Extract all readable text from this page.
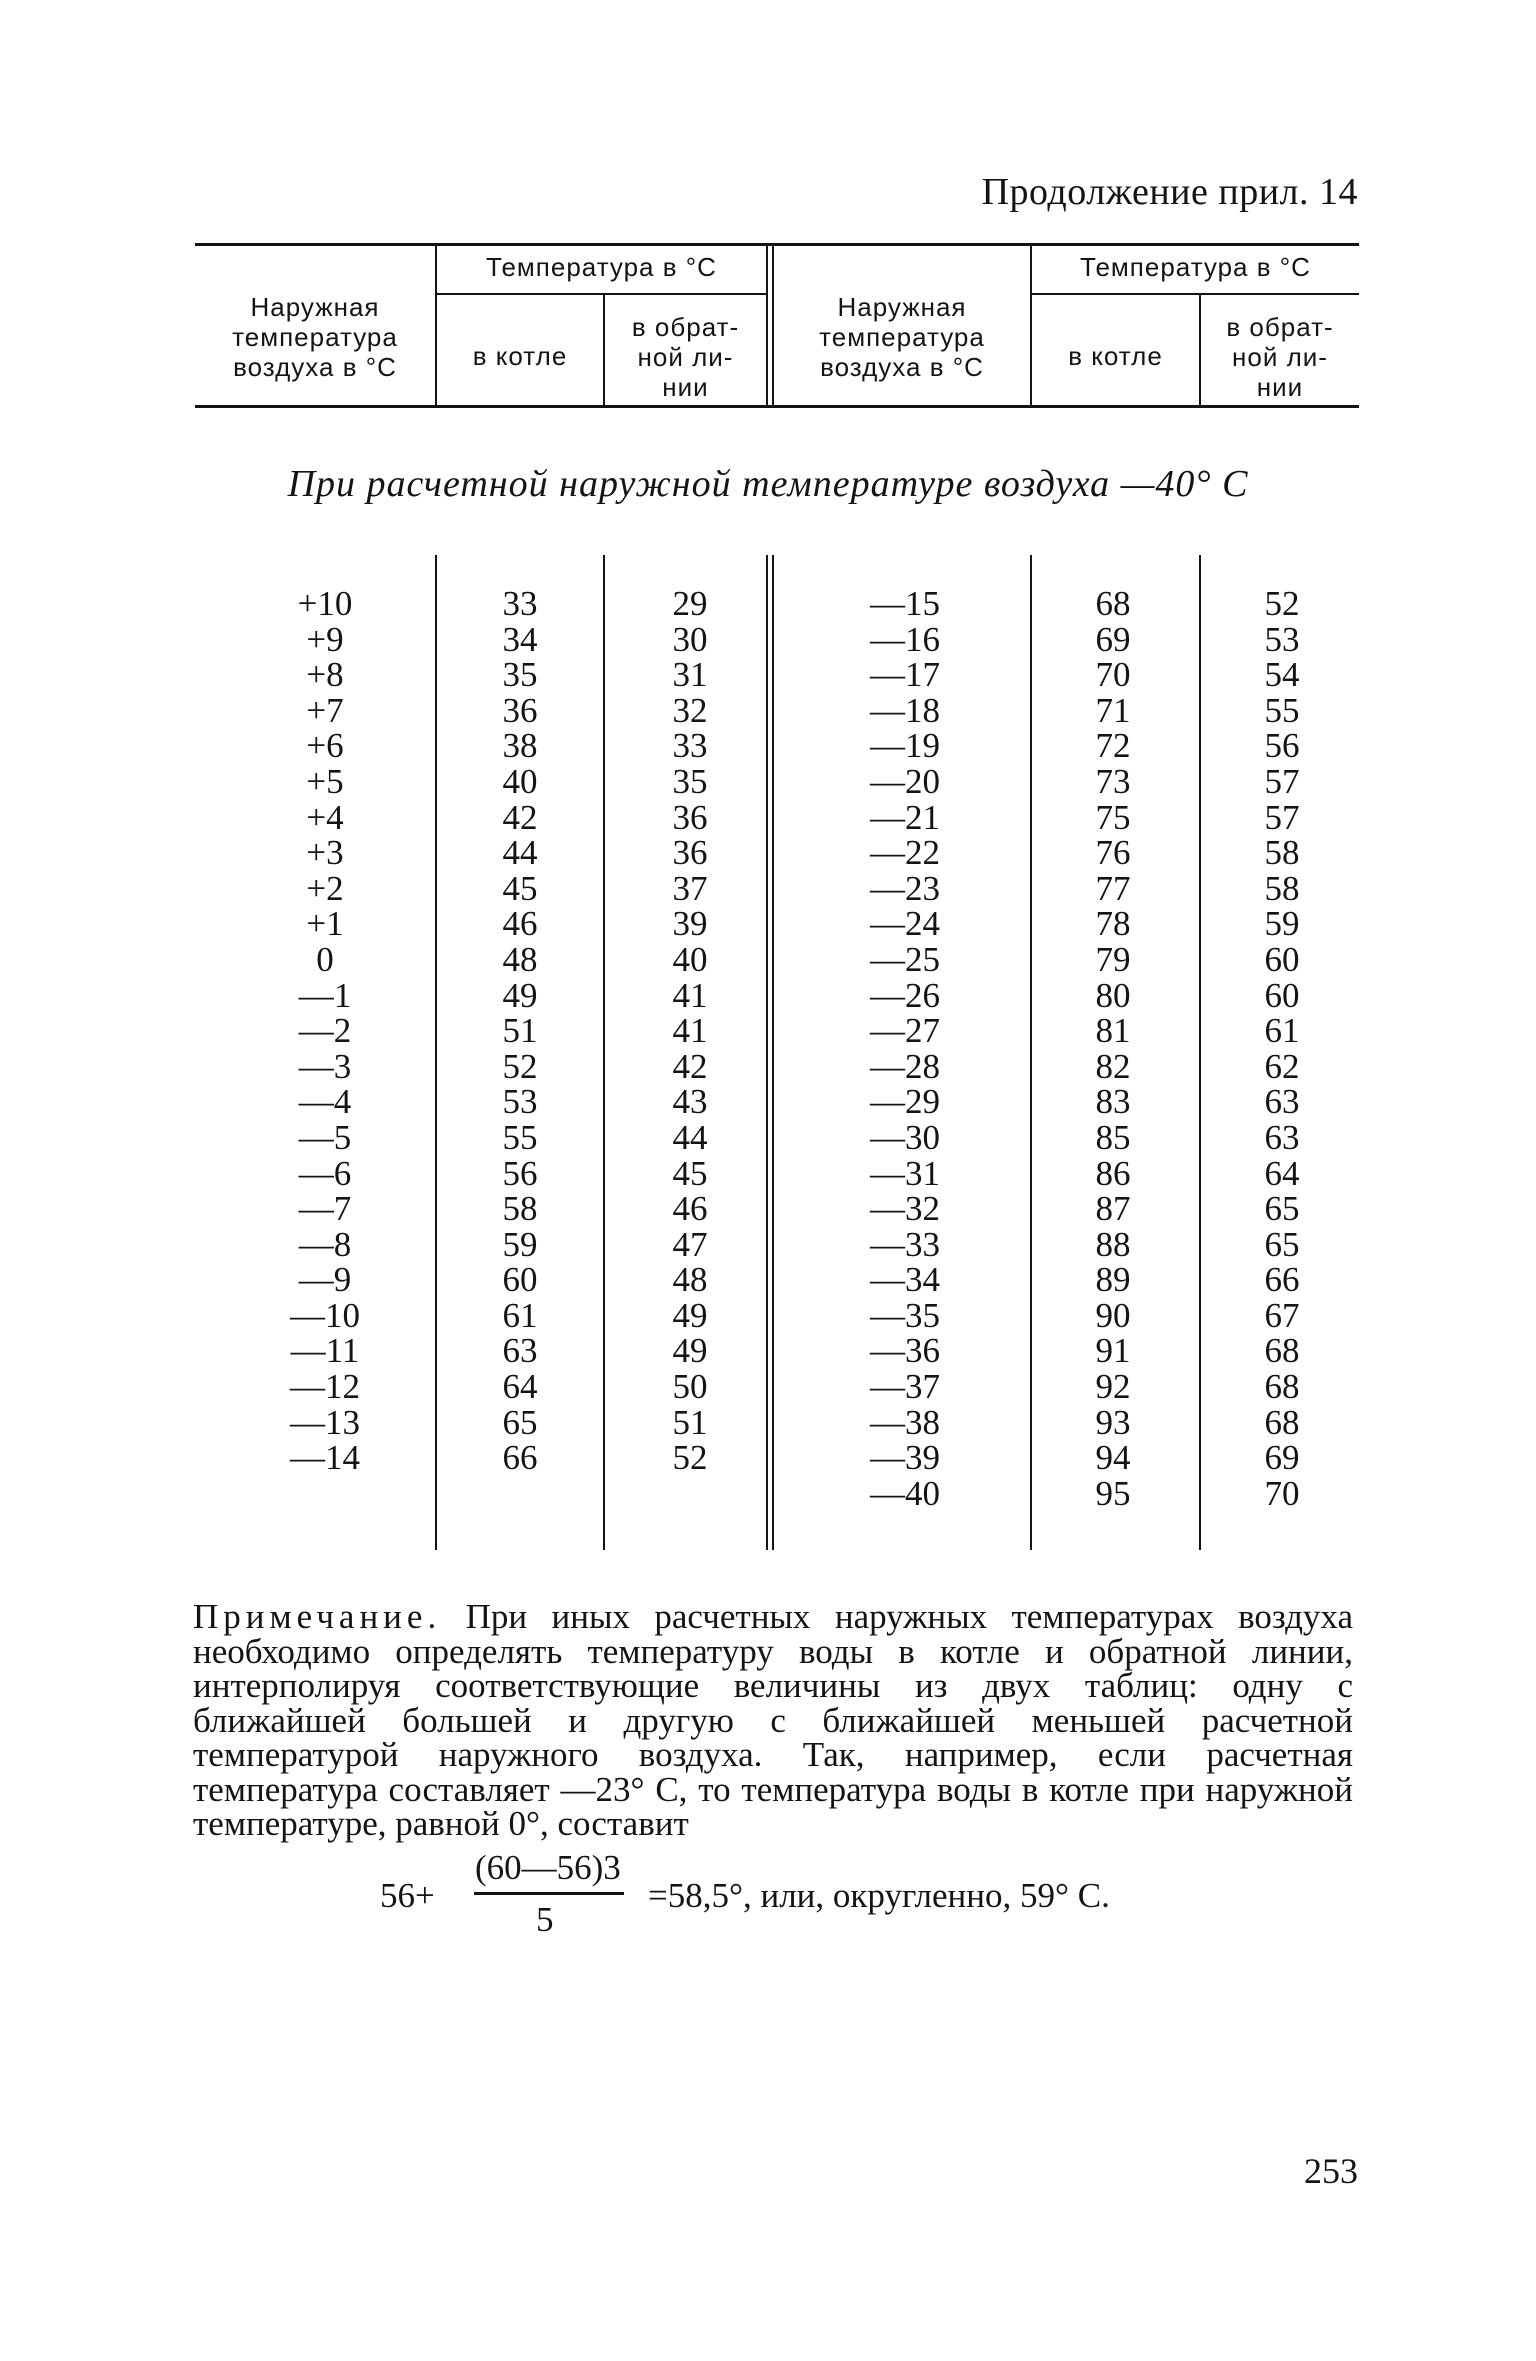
Продолжение прил. 14
Наружная
температура
воздуха в °С
Температура в °С
в котле
в обрат-
ной ли-
нии
Наружная
температура
воздуха в °С
Температура в °С
в котле
в обрат-
ной ли-
нии
При расчетной наружной температуре воздуха —40° С
+10
+9
+8
+7
+6
+5
+4
+3
+2
+1
0
—1
—2
—3
—4
—5
—6
—7
—8
—9
—10
—11
—12
—13
—14
33
34
35
36
38
40
42
44
45
46
48
49
51
52
53
55
56
58
59
60
61
63
64
65
66
29
30
31
32
33
35
36
36
37
39
40
41
41
42
43
44
45
46
47
48
49
49
50
51
52
—15
—16
—17
—18
—19
—20
—21
—22
—23
—24
—25
—26
—27
—28
—29
—30
—31
—32
—33
—34
—35
—36
—37
—38
—39
—40
68
69
70
71
72
73
75
76
77
78
79
80
81
82
83
85
86
87
88
89
90
91
92
93
94
95
52
53
54
55
56
57
57
58
58
59
60
60
61
62
63
63
64
65
65
66
67
68
68
68
69
70
Примечание. При иных расчетных наружных температурах воздуха необходимо определять температуру воды в котле и обратной линии, интерполируя соответствующие величины из двух таблиц: одну с ближайшей большей и другую с ближайшей меньшей расчетной температурой наружного воздуха. Так, например, если расчетная температура составляет —23° С, то температура воды в котле при наружной температуре, равной 0°, составит
56+
(60—56)3
5
=58,5°, или, округленно, 59° С.
253
